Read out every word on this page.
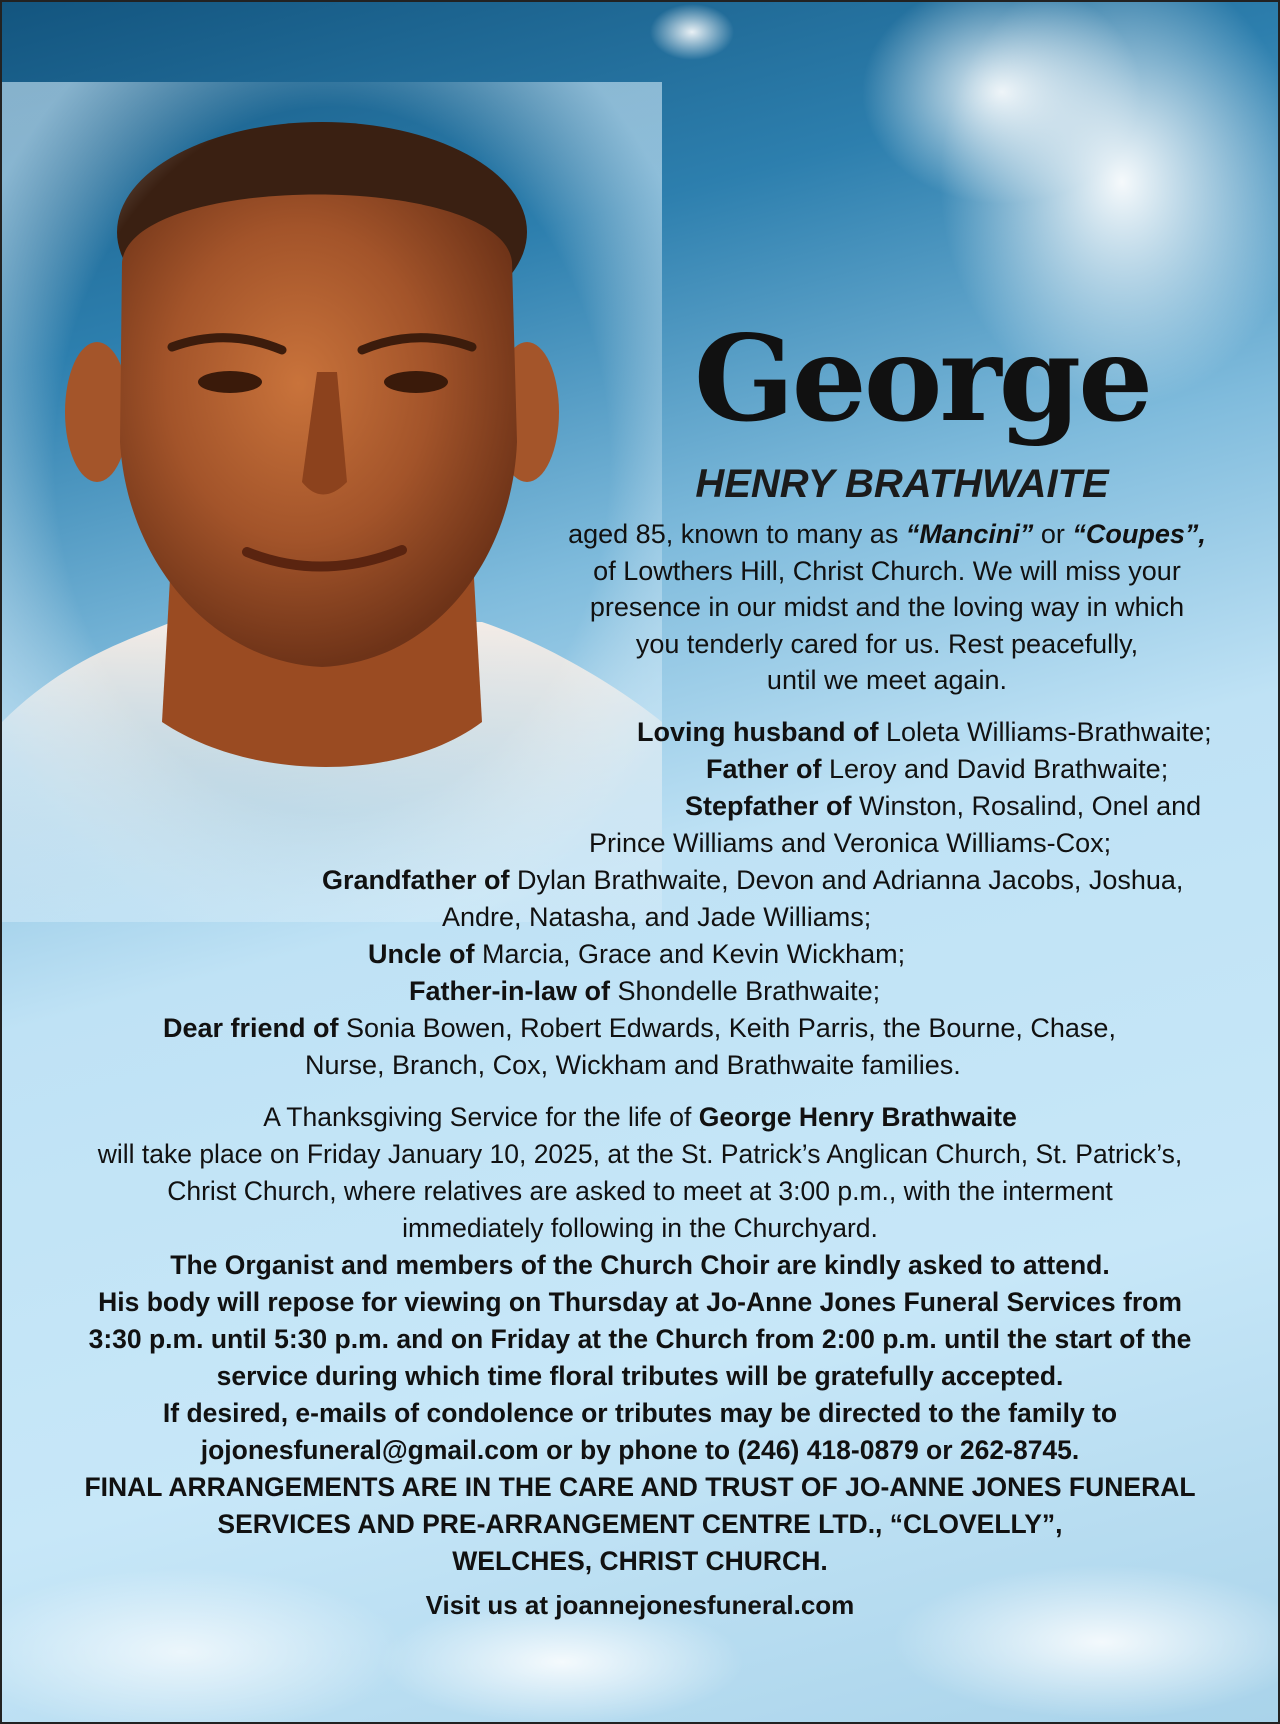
George
HENRY BRATHWAITE
aged 85, known to many as “Mancini” or “Coupes”,
of Lowthers Hill, Christ Church. We will miss your
presence in our midst and the loving way in which
you tenderly cared for us. Rest peacefully,
until we meet again.
Loving husband of Loleta Williams-Brathwaite;
Father of Leroy and David Brathwaite;
Stepfather of Winston, Rosalind, Onel and
Prince Williams and Veronica Williams-Cox;
Grandfather of Dylan Brathwaite, Devon and Adrianna Jacobs, Joshua,
Andre, Natasha, and Jade Williams;
Uncle of Marcia, Grace and Kevin Wickham;
Father-in-law of Shondelle Brathwaite;
Dear friend of Sonia Bowen, Robert Edwards, Keith Parris, the Bourne, Chase,
Nurse, Branch, Cox, Wickham and Brathwaite families.
A Thanksgiving Service for the life of George Henry Brathwaite
will take place on Friday January 10, 2025, at the St. Patrick’s Anglican Church, St. Patrick’s,
Christ Church, where relatives are asked to meet at 3:00 p.m., with the interment
immediately following in the Churchyard.
The Organist and members of the Church Choir are kindly asked to attend.
His body will repose for viewing on Thursday at Jo-Anne Jones Funeral Services from
3:30 p.m. until 5:30 p.m. and on Friday at the Church from 2:00 p.m. until the start of the
service during which time floral tributes will be gratefully accepted.
If desired, e-mails of condolence or tributes may be directed to the family to
jojonesfuneral@gmail.com or by phone to (246) 418-0879 or 262-8745.
FINAL ARRANGEMENTS ARE IN THE CARE AND TRUST OF JO-ANNE JONES FUNERAL
SERVICES AND PRE-ARRANGEMENT CENTRE LTD., “CLOVELLY”,
WELCHES, CHRIST CHURCH.
Visit us at joannejonesfuneral.com
